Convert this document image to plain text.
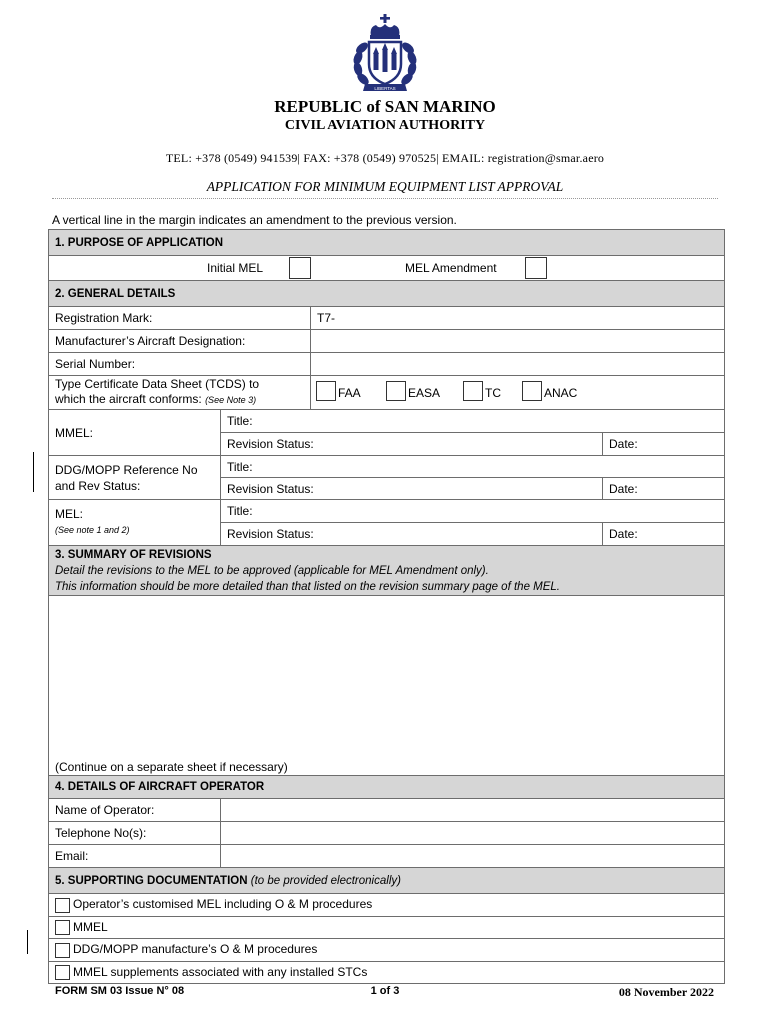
LIBERTAS
REPUBLIC of SAN MARINO
CIVIL AVIATION AUTHORITY
TEL: +378 (0549) 941539| FAX: +378 (0549) 970525| EMAIL: registration@smar.aero
APPLICATION FOR MINIMUM EQUIPMENT LIST APPROVAL
A vertical line in the margin indicates an amendment to the previous version.
1. PURPOSE OF APPLICATION			

Initial MEL MEL Amendment			

2. GENERAL DETAILS			
Registration Mark:		T7-	
Manufacturer’s Aircraft Designation:			
Serial Number:			
Type Certificate Data Sheet (TCDS) to
which the aircraft conforms: (See Note 3)		FAA EASA TC ANAC	

MMEL:	Title:		
	Revision Status:		Date:
DDG/MOPP Reference No
and Rev Status:	Title:		
	Revision Status:		Date:
MEL:
(See note 1 and 2)	Title:		
	Revision Status:		Date:
3. SUMMARY OF REVISIONS
Detail the revisions to the MEL to be approved (applicable for MEL Amendment only).
This information should be more detailed than that listed on the revision summary page of the MEL.			

(Continue on a separate sheet if necessary)			
4. DETAILS OF AIRCRAFT OPERATOR			
Name of Operator:			
Telephone No(s):			
Email:			
5. SUPPORTING DOCUMENTATION (to be provided electronically)			
Operator’s customised MEL including O & M procedures			
MMEL			
DDG/MOPP manufacture’s O & M procedures			
MMEL supplements associated with any installed STCs			
FORM SM 03 Issue N° 08	1 of 3	08 November 2022
